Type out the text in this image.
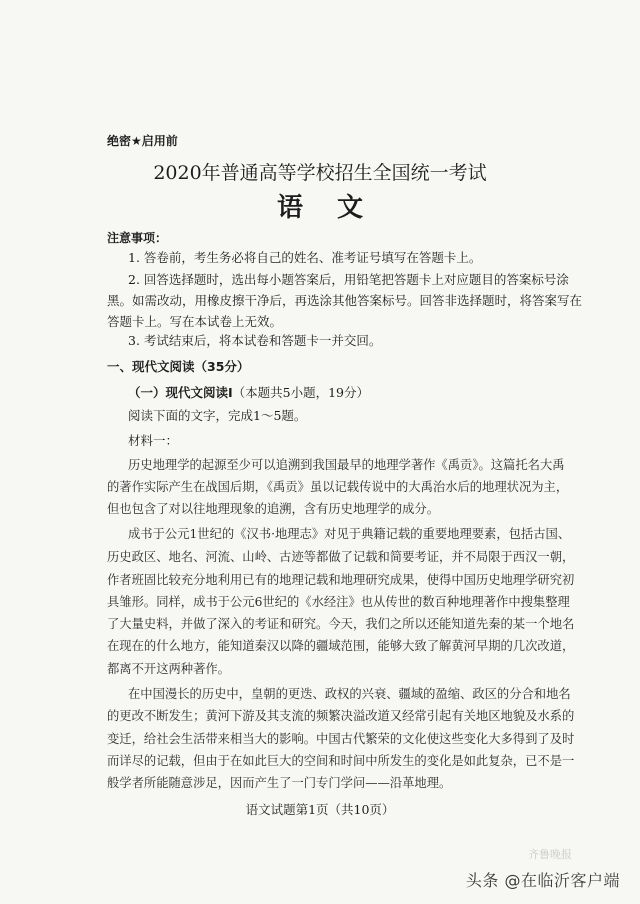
绝密★启用前
2020年普通高等学校招生全国统一考试
语文
注意事项：
1. 答卷前，考生务必将自己的姓名、准考证号填写在答题卡上。
2. 回答选择题时，选出每小题答案后，用铅笔把答题卡上对应题目的答案标号涂
黑。如需改动，用橡皮擦干净后，再选涂其他答案标号。回答非选择题时，将答案写在
答题卡上。写在本试卷上无效。
3. 考试结束后，将本试卷和答题卡一并交回。
一、现代文阅读（35分）
（一）现代文阅读Ⅰ（本题共5小题，19分）
阅读下面的文字，完成1～5题。
材料一：
历史地理学的起源至少可以追溯到我国最早的地理学著作《禹贡》。这篇托名大禹
的著作实际产生在战国后期，《禹贡》虽以记载传说中的大禹治水后的地理状况为主，
但也包含了对以往地理现象的追溯，含有历史地理学的成分。
成书于公元1世纪的《汉书·地理志》对见于典籍记载的重要地理要素，包括古国、
历史政区、地名、河流、山岭、古迹等都做了记载和简要考证，并不局限于西汉一朝，
作者班固比较充分地利用已有的地理记载和地理研究成果，使得中国历史地理学研究初
具雏形。同样，成书于公元6世纪的《水经注》也从传世的数百种地理著作中搜集整理
了大量史料，并做了深入的考证和研究。今天，我们之所以还能知道先秦的某一个地名
在现在的什么地方，能知道秦汉以降的疆域范围，能够大致了解黄河早期的几次改道，
都离不开这两种著作。
在中国漫长的历史中，皇朝的更迭、政权的兴衰、疆域的盈缩、政区的分合和地名
的更改不断发生；黄河下游及其支流的频繁决溢改道又经常引起有关地区地貌及水系的
变迁，给社会生活带来相当大的影响。中国古代繁荣的文化使这些变化大多得到了及时
而详尽的记载，但由于在如此巨大的空间和时间中所发生的变化是如此复杂，已不是一
般学者所能随意涉足，因而产生了一门专门学问——沿革地理。
语文试题第1页（共10页）
齐鲁晚报
头条 @在临沂客户端
